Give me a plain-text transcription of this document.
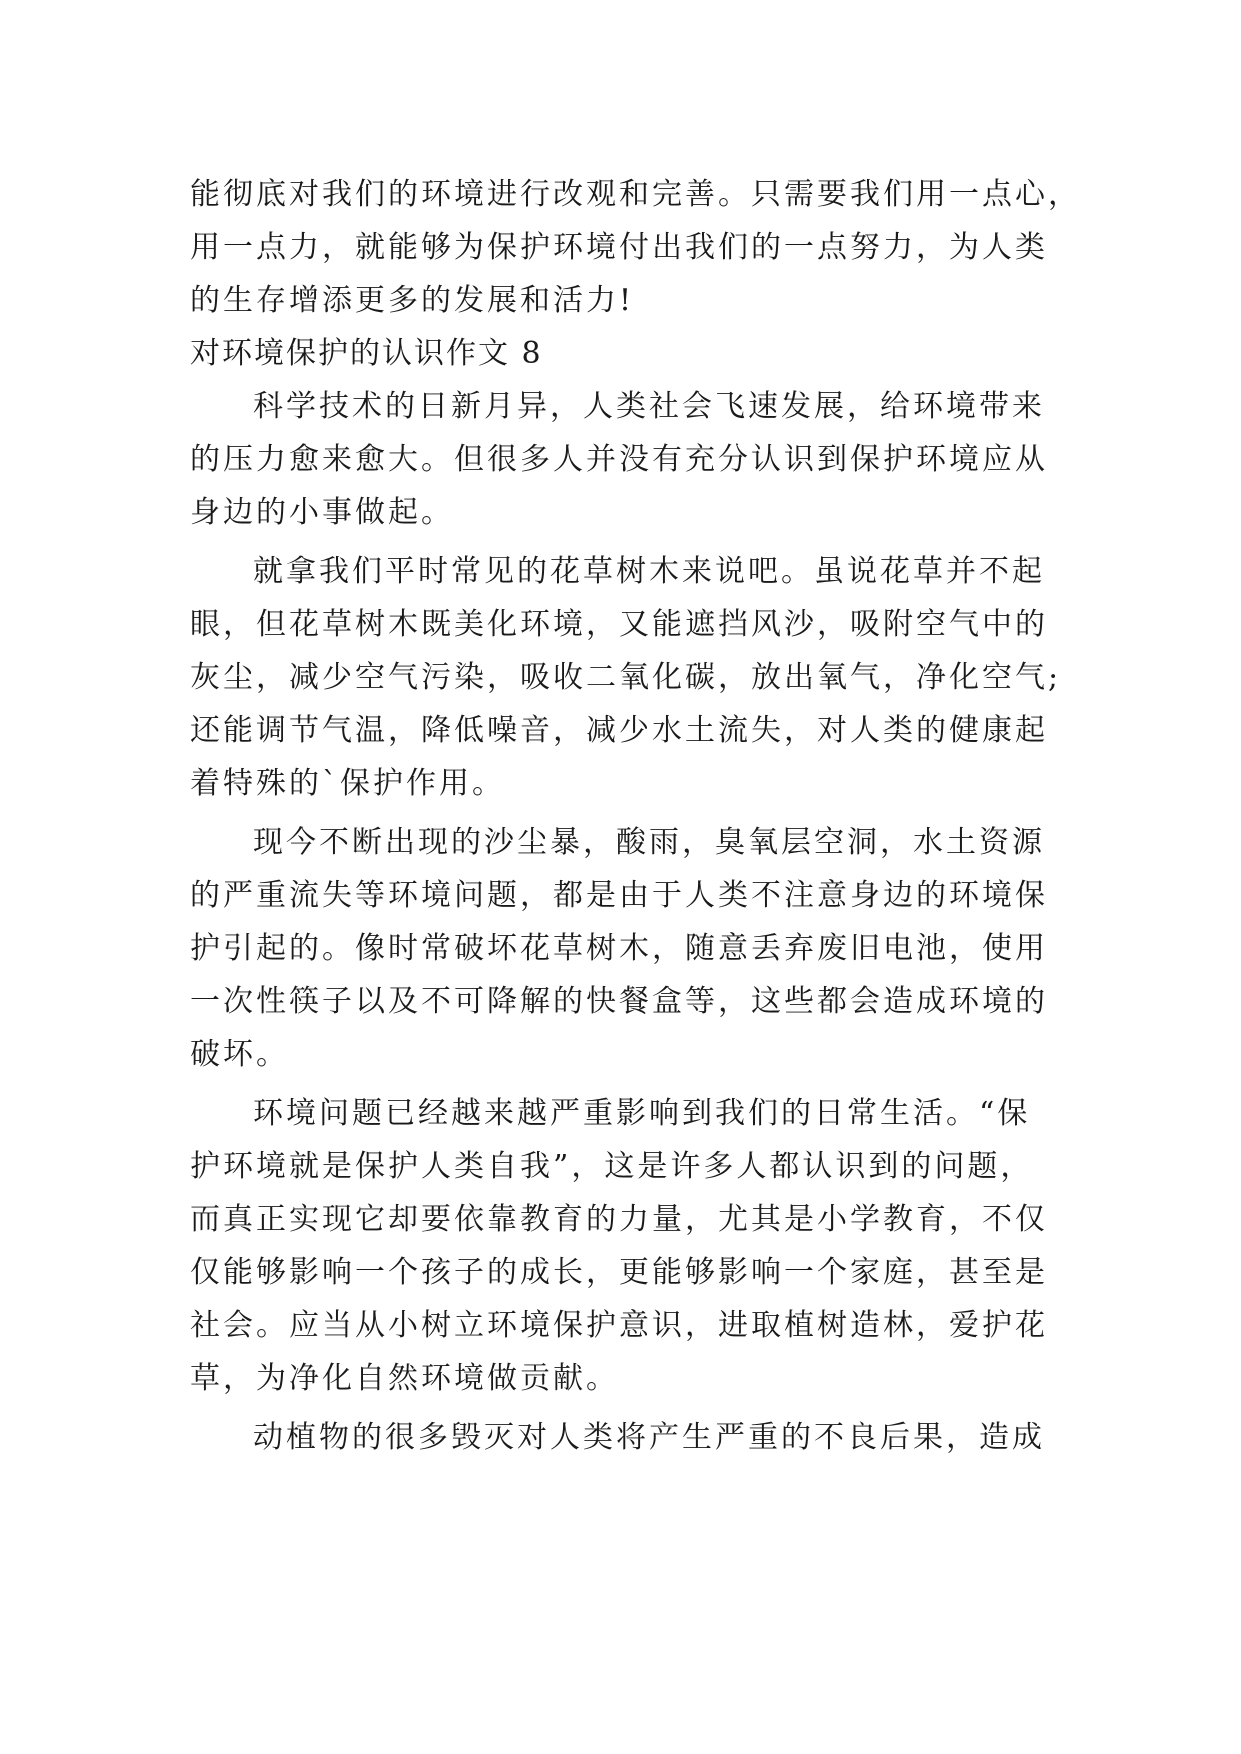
能彻底对我们的环境进行改观和完善。只需要我们用一点心，
用一点力，就能够为保护环境付出我们的一点努力，为人类
的生存增添更多的发展和活力!
对环境保护的认识作文 8
科学技术的日新月异，人类社会飞速发展，给环境带来
的压力愈来愈大。但很多人并没有充分认识到保护环境应从
身边的小事做起。
就拿我们平时常见的花草树木来说吧。虽说花草并不起
眼，但花草树木既美化环境，又能遮挡风沙，吸附空气中的
灰尘，减少空气污染，吸收二氧化碳，放出氧气，净化空气;
还能调节气温，降低噪音，减少水土流失，对人类的健康起
着特殊的`保护作用。
现今不断出现的沙尘暴，酸雨，臭氧层空洞，水土资源
的严重流失等环境问题，都是由于人类不注意身边的环境保
护引起的。像时常破坏花草树木，随意丢弃废旧电池，使用
一次性筷子以及不可降解的快餐盒等，这些都会造成环境的
破坏。
环境问题已经越来越严重影响到我们的日常生活。“保
护环境就是保护人类自我”，这是许多人都认识到的问题，
而真正实现它却要依靠教育的力量，尤其是小学教育，不仅
仅能够影响一个孩子的成长，更能够影响一个家庭，甚至是
社会。应当从小树立环境保护意识，进取植树造林，爱护花
草，为净化自然环境做贡献。
动植物的很多毁灭对人类将产生严重的不良后果，造成
